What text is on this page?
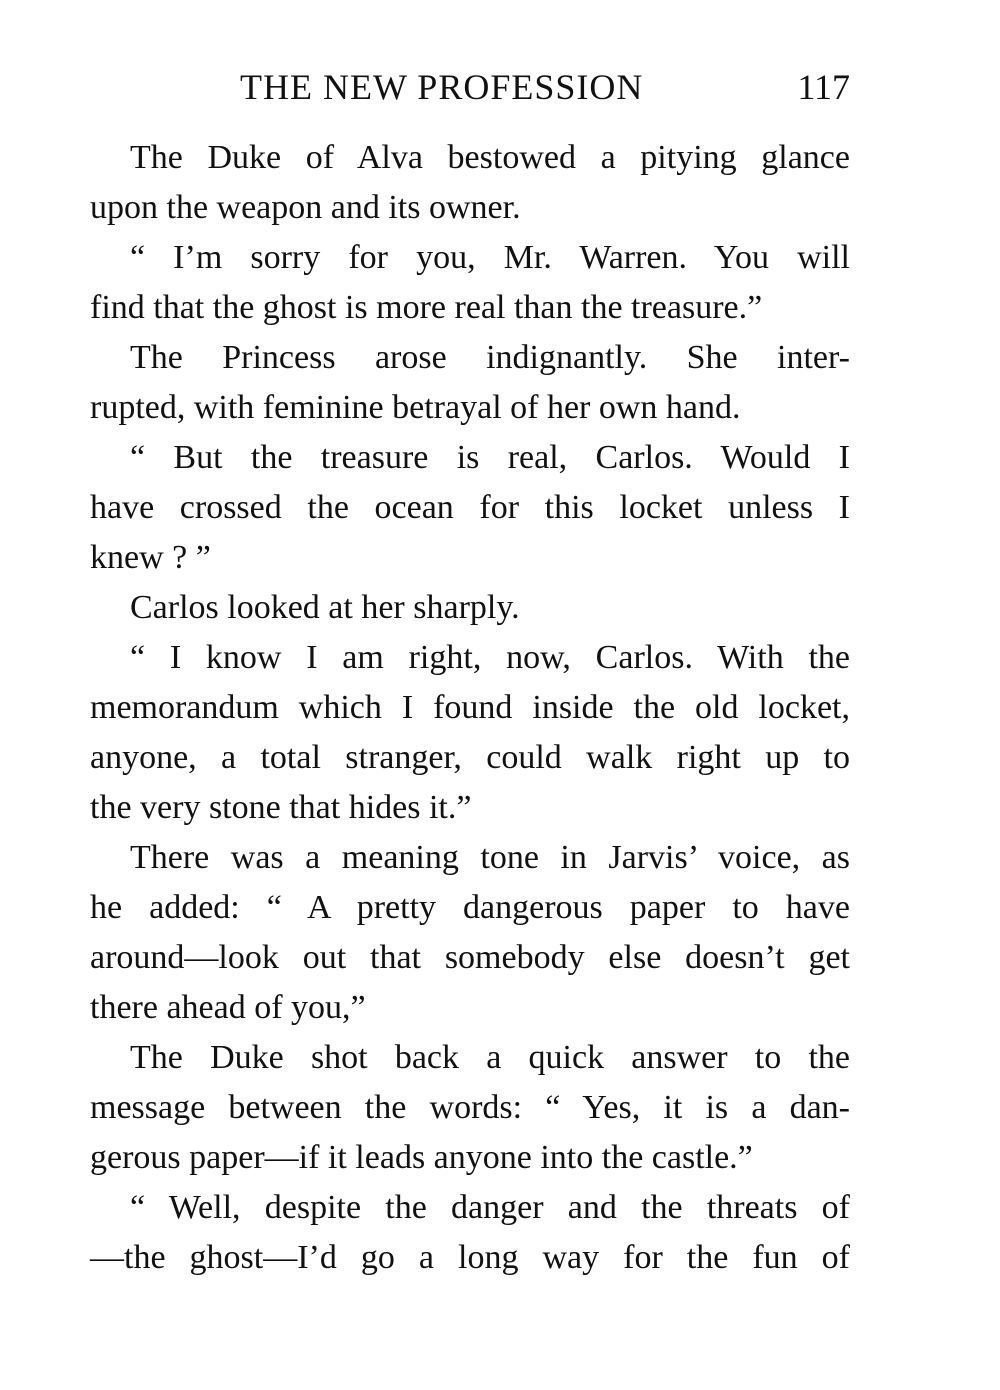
THE NEW PROFESSION	117
The Duke of Alva bestowed a pitying glance
upon the weapon and its owner.
“ I’m sorry for you, Mr. Warren. You will
find that the ghost is more real than the treasure.”
The Princess arose indignantly. She inter-
rupted, with feminine betrayal of her own hand.
“ But the treasure is real, Carlos. Would I
have crossed the ocean for this locket unless I
knew ? ”
Carlos looked at her sharply.
“ I know I am right, now, Carlos. With the
memorandum which I found inside the old locket,
anyone, a total stranger, could walk right up to
the very stone that hides it.”
There was a meaning tone in Jarvis’ voice, as
he added: “ A pretty dangerous paper to have
around—look out that somebody else doesn’t get
there ahead of you,”
The Duke shot back a quick answer to the
message between the words: “ Yes, it is a dan-
gerous paper—if it leads anyone into the castle.”
“ Well, despite the danger and the threats of
—the ghost—I’d go a long way for the fun of
